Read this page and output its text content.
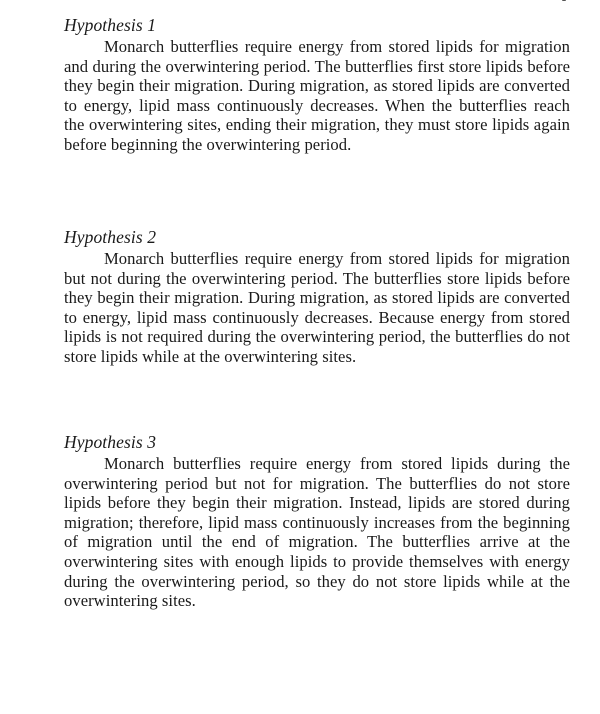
Hypothesis 1

Monarch butterflies require energy from stored lipids for migration and during the overwintering period. The butterflies first store lipids before they begin their migration. During migration, as stored lipids are converted to energy, lipid mass continuously decreases. When the butterflies reach the overwintering sites, ending their migration, they must store lipids again before beginning the overwintering period.

Hypothesis 2

Monarch butterflies require energy from stored lipids for migration but not during the overwintering period. The butterflies store lipids before they begin their migration. During migration, as stored lipids are converted to energy, lipid mass continuously decreases. Because energy from stored lipids is not required during the overwintering period, the butterflies do not store lipids while at the overwintering sites.

Hypothesis 3

Monarch butterflies require energy from stored lipids during the overwintering period but not for migration. The butterflies do not store lipids before they begin their migration. Instead, lipids are stored during migration; therefore, lipid mass continuously increases from the beginning of migration until the end of migration. The butterflies arrive at the overwintering sites with enough lipids to provide themselves with energy during the overwintering period, so they do not store lipids while at the overwintering sites.
